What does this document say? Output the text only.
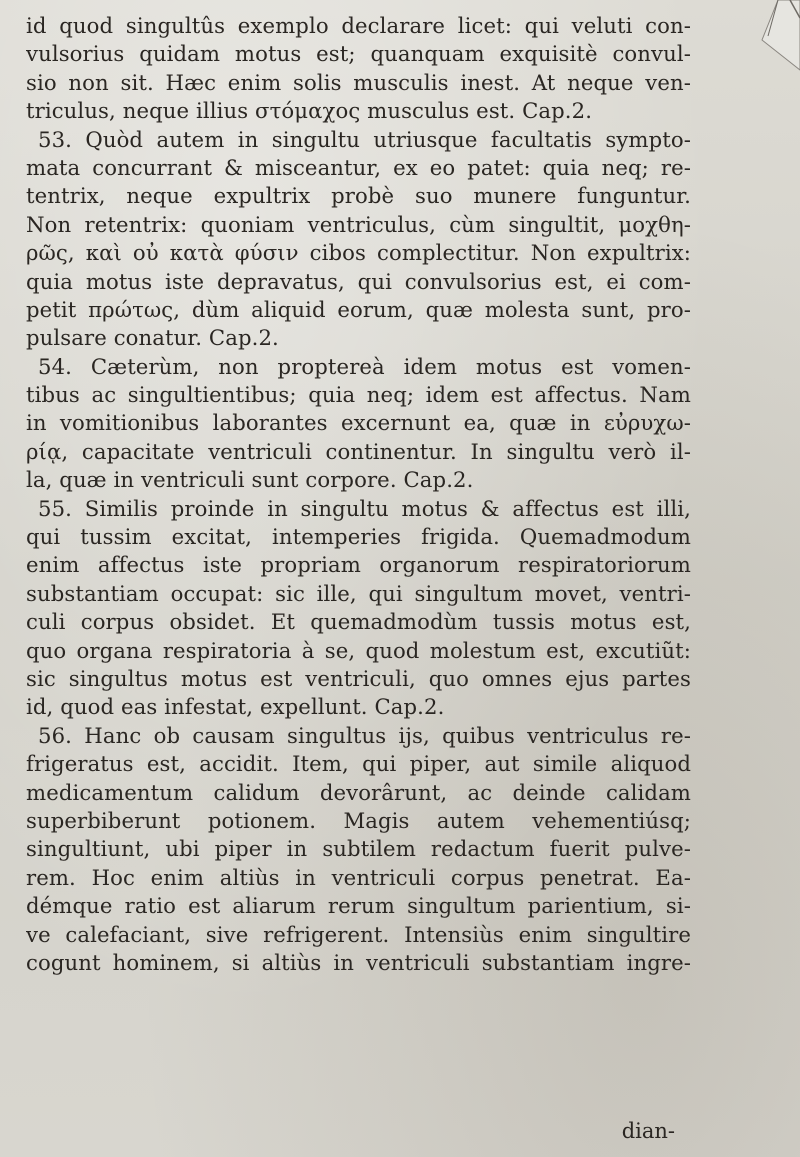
id quod singultûs exemplo declarare licet: qui veluti con-
vulsorius quidam motus est; quanquam exquisitè convul-
sio non sit. Hæc enim solis musculis inest. At neque ven-
triculus, neque illius στόμαχος musculus est. Cap.2.
53. Quòd autem in singultu utriusque facultatis sympto-
mata concurrant & misceantur, ex eo patet: quia neq; re-
tentrix, neque expultrix probè suo munere funguntur.
Non retentrix: quoniam ventriculus, cùm singultit, μοχθη-
ρῶς, καὶ οὐ κατὰ φύσιν cibos complectitur. Non expultrix:
quia motus iste depravatus, qui convulsorius est, ei com-
petit πρώτως, dùm aliquid eorum, quæ molesta sunt, pro-
pulsare conatur. Cap.2.
54. Cæterùm, non proptereà idem motus est vomen-
tibus ac singultientibus; quia neq; idem est affectus. Nam
in vomitionibus laborantes excernunt ea, quæ in εὐρυχω-
ρίᾳ, capacitate ventriculi continentur. In singultu verò il-
la, quæ in ventriculi sunt corpore. Cap.2.
55. Similis proinde in singultu motus & affectus est illi,
qui tussim excitat, intemperies frigida. Quemadmodum
enim affectus iste propriam organorum respiratoriorum
substantiam occupat: sic ille, qui singultum movet, ventri-
culi corpus obsidet. Et quemadmodùm tussis motus est,
quo organa respiratoria à se, quod molestum est, excutiũt:
sic singultus motus est ventriculi, quo omnes ejus partes
id, quod eas infestat, expellunt. Cap.2.
56. Hanc ob causam singultus ijs, quibus ventriculus re-
frigeratus est, accidit. Item, qui piper, aut simile aliquod
medicamentum calidum devorârunt, ac deinde calidam
superbiberunt potionem. Magis autem vehementiúsq;
singultiunt, ubi piper in subtilem redactum fuerit pulve-
rem. Hoc enim altiùs in ventriculi corpus penetrat. Ea-
démque ratio est aliarum rerum singultum parientium, si-
ve calefaciant, sive refrigerent. Intensiùs enim singultire
cogunt hominem, si altiùs in ventriculi substantiam ingre-
dian-
